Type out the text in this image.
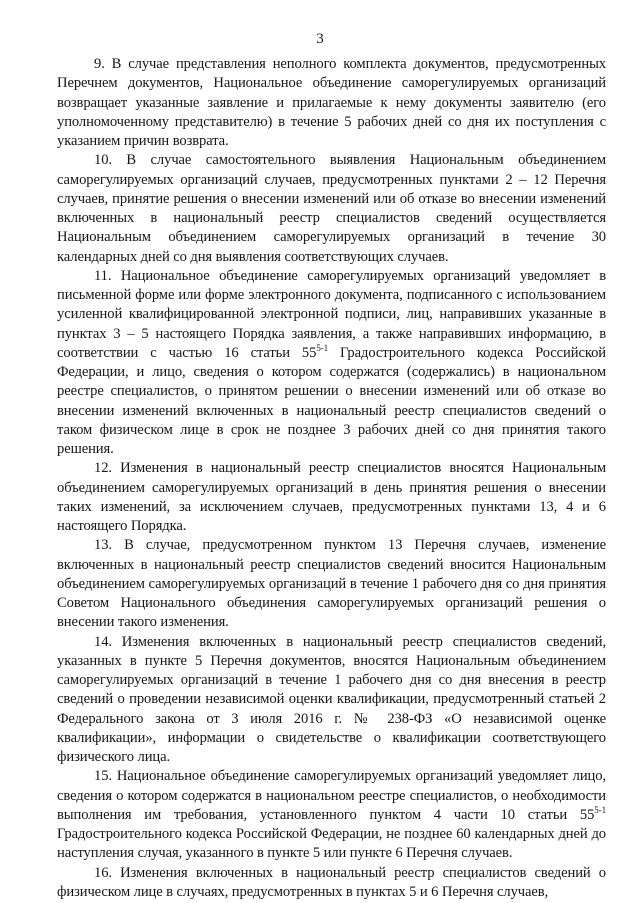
3

9. В случае представления неполного комплекта документов, предусмотренных Перечнем документов, Национальное объединение саморегулируемых организаций возвращает указанные заявление и прилагаемые к нему документы заявителю (его уполномоченному представителю) в течение 5 рабочих дней со дня их поступления с указанием причин возврата.

10. В случае самостоятельного выявления Национальным объединением саморегулируемых организаций случаев, предусмотренных пунктами 2 – 12 Перечня случаев, принятие решения о внесении изменений или об отказе во внесении изменений включенных в национальный реестр специалистов сведений осуществляется Национальным объединением саморегулируемых организаций в течение 30 календарных дней со дня выявления соответствующих случаев.

11. Национальное объединение саморегулируемых организаций уведомляет в письменной форме или форме электронного документа, подписанного с использованием усиленной квалифицированной электронной подписи, лиц, направивших указанные в пунктах 3 – 5 настоящего Порядка заявления, а также направивших информацию, в соответствии с частью 16 статьи 55$^{5-1}$ Градостроительного кодекса Российской Федерации, и лицо, сведения о котором содержатся (содержались) в национальном реестре специалистов, о принятом решении о внесении изменений или об отказе во внесении изменений включенных в национальный реестр специалистов сведений о таком физическом лице в срок не позднее 3 рабочих дней со дня принятия такого решения.

12. Изменения в национальный реестр специалистов вносятся Национальным объединением саморегулируемых организаций в день принятия решения о внесении таких изменений, за исключением случаев, предусмотренных пунктами 13, 4 и 6 настоящего Порядка.

13. В случае, предусмотренном пунктом 13 Перечня случаев, изменение включенных в национальный реестр специалистов сведений вносится Национальным объединением саморегулируемых организаций в течение 1 рабочего дня со дня принятия Советом Национального объединения саморегулируемых организаций решения о внесении такого изменения.

14. Изменения включенных в национальный реестр специалистов сведений, указанных в пункте 5 Перечня документов, вносятся Национальным объединением саморегулируемых организаций в течение 1 рабочего дня со дня внесения в реестр сведений о проведении независимой оценки квалификации, предусмотренный статьей 2 Федерального закона от 3 июля 2016 г. № 238-ФЗ «О независимой оценке квалификации», информации о свидетельстве о квалификации соответствующего физического лица.

15. Национальное объединение саморегулируемых организаций уведомляет лицо, сведения о котором содержатся в национальном реестре специалистов, о необходимости выполнения им требования, установленного пунктом 4 части 10 статьи 55$^{5-1}$ Градостроительного кодекса Российской Федерации, не позднее 60 календарных дней до наступления случая, указанного в пункте 5 или пункте 6 Перечня случаев.

16. Изменения включенных в национальный реестр специалистов сведений о физическом лице в случаях, предусмотренных в пунктах 5 и 6 Перечня случаев,
